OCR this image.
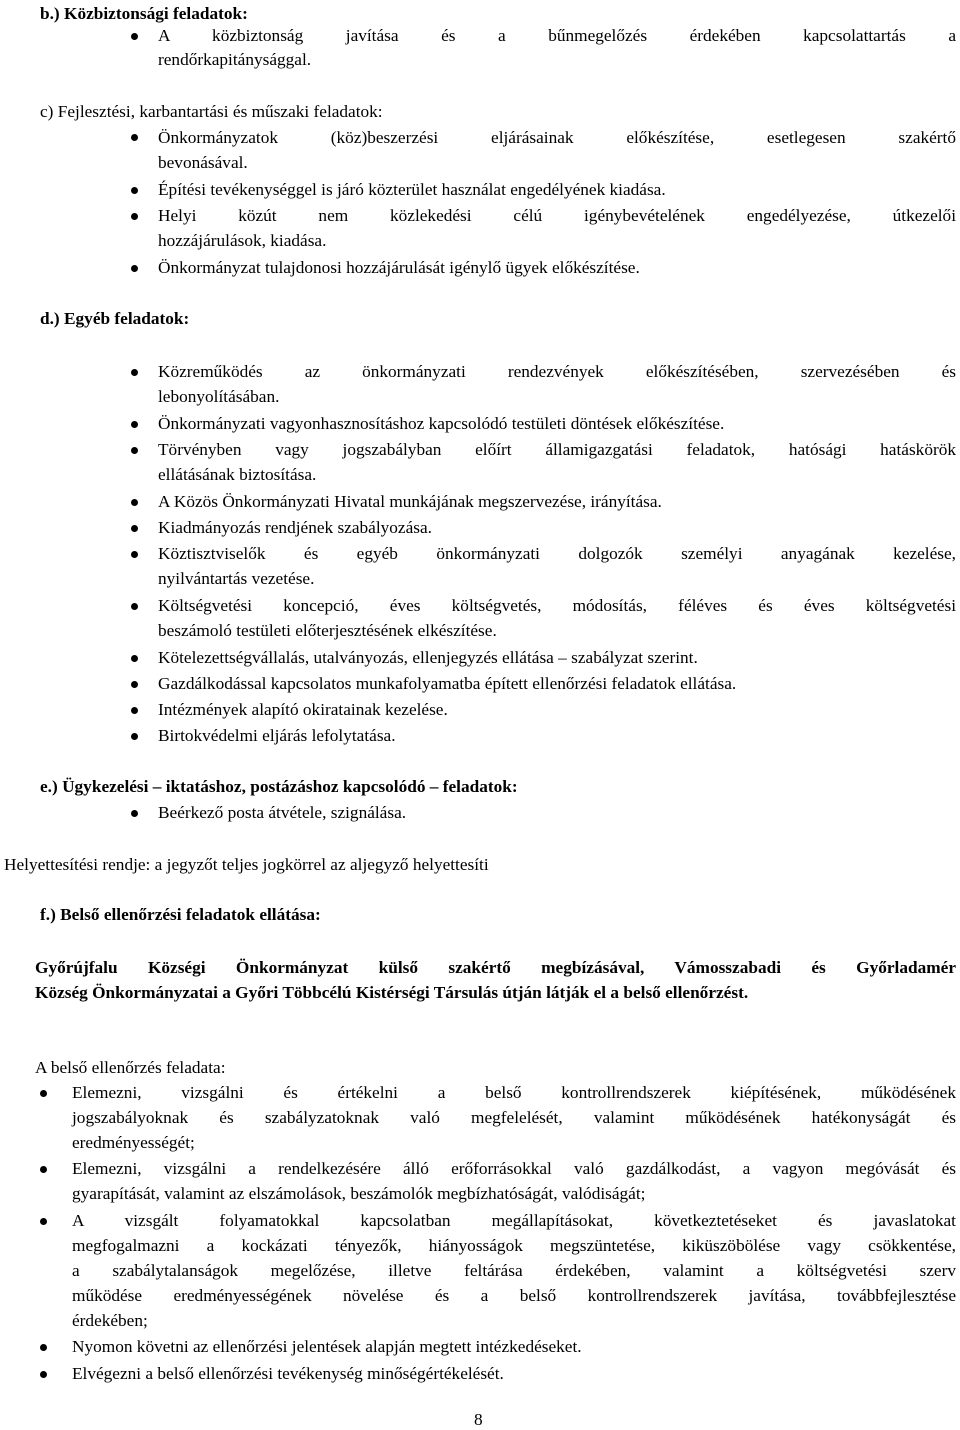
b.) Közbiztonsági feladatok:
A közbiztonság javítása és a bűnmegelőzés érdekében kapcsolattartás a
rendőrkapitánysággal.
c) Fejlesztési, karbantartási és műszaki feladatok:
Önkormányzatok (köz)beszerzési eljárásainak előkészítése, esetlegesen szakértő
bevonásával.
Építési tevékenységgel is járó közterület használat engedélyének kiadása.
Helyi közút nem közlekedési célú igénybevételének engedélyezése, útkezelői
hozzájárulások, kiadása.
Önkormányzat tulajdonosi hozzájárulását igénylő ügyek előkészítése.
d.) Egyéb feladatok:
Közreműködés az önkormányzati rendezvények előkészítésében, szervezésében és
lebonyolításában.
Önkormányzati vagyonhasznosításhoz kapcsolódó testületi döntések előkészítése.
Törvényben vagy jogszabályban előírt államigazgatási feladatok, hatósági hatáskörök
ellátásának biztosítása.
A Közös Önkormányzati Hivatal munkájának megszervezése, irányítása.
Kiadmányozás rendjének szabályozása.
Köztisztviselők és egyéb önkormányzati dolgozók személyi anyagának kezelése,
nyilvántartás vezetése.
Költségvetési koncepció, éves költségvetés, módosítás, féléves és éves költségvetési
beszámoló testületi előterjesztésének elkészítése.
Kötelezettségvállalás, utalványozás, ellenjegyzés ellátása – szabályzat szerint.
Gazdálkodással kapcsolatos munkafolyamatba épített ellenőrzési feladatok ellátása.
Intézmények alapító okiratainak kezelése.
Birtokvédelmi eljárás lefolytatása.
e.) Ügykezelési – iktatáshoz, postázáshoz kapcsolódó – feladatok:
Beérkező posta átvétele, szignálása.
Helyettesítési rendje: a jegyzőt teljes jogkörrel az aljegyző helyettesíti
f.) Belső ellenőrzési feladatok ellátása:
Győrújfalu Községi Önkormányzat külső szakértő megbízásával, Vámosszabadi és Győrladamér
Község Önkormányzatai a Győri Többcélú Kistérségi Társulás útján látják el a belső ellenőrzést.
A belső ellenőrzés feladata:
Elemezni, vizsgálni és értékelni a belső kontrollrendszerek kiépítésének, működésének
jogszabályoknak és szabályzatoknak való megfelelését, valamint működésének hatékonyságát és
eredményességét;
Elemezni, vizsgálni a rendelkezésére álló erőforrásokkal való gazdálkodást, a vagyon megóvását és
gyarapítását, valamint az elszámolások, beszámolók megbízhatóságát, valódiságát;
A vizsgált folyamatokkal kapcsolatban megállapításokat, következtetéseket és javaslatokat
megfogalmazni a kockázati tényezők, hiányosságok megszüntetése, kiküszöbölése vagy csökkentése,
a szabálytalanságok megelőzése, illetve feltárása érdekében, valamint a költségvetési szerv
működése eredményességének növelése és a belső kontrollrendszerek javítása, továbbfejlesztése
érdekében;
Nyomon követni az ellenőrzési jelentések alapján megtett intézkedéseket.
Elvégezni a belső ellenőrzési tevékenység minőségértékelését.
8
